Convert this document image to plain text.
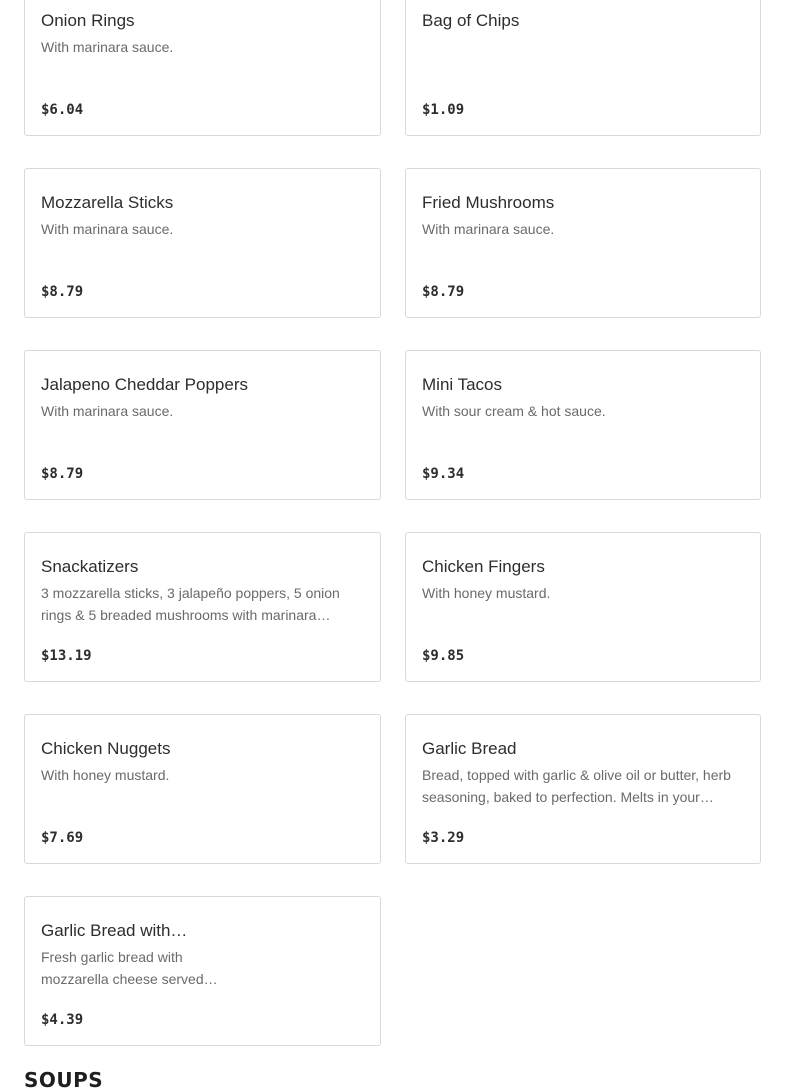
Onion Rings
With marinara sauce.
$6.04
Bag of Chips
$1.09
Mozzarella Sticks
With marinara sauce.
$8.79
Fried Mushrooms
With marinara sauce.
$8.79
Jalapeno Cheddar Poppers
With marinara sauce.
$8.79
Mini Tacos
With sour cream & hot sauce.
$9.34
Snackatizers
3 mozzarella sticks, 3 jalapeño poppers, 5 onion rings & 5 breaded mushrooms with marinara…
$13.19
Chicken Fingers
With honey mustard.
$9.85
Chicken Nuggets
With honey mustard.
$7.69
Garlic Bread
Bread, topped with garlic & olive oil or butter, herb seasoning, baked to perfection. Melts in your…
$3.29
Garlic Bread with…
Fresh garlic bread with mozzarella cheese served…
$4.39
SOUPS
